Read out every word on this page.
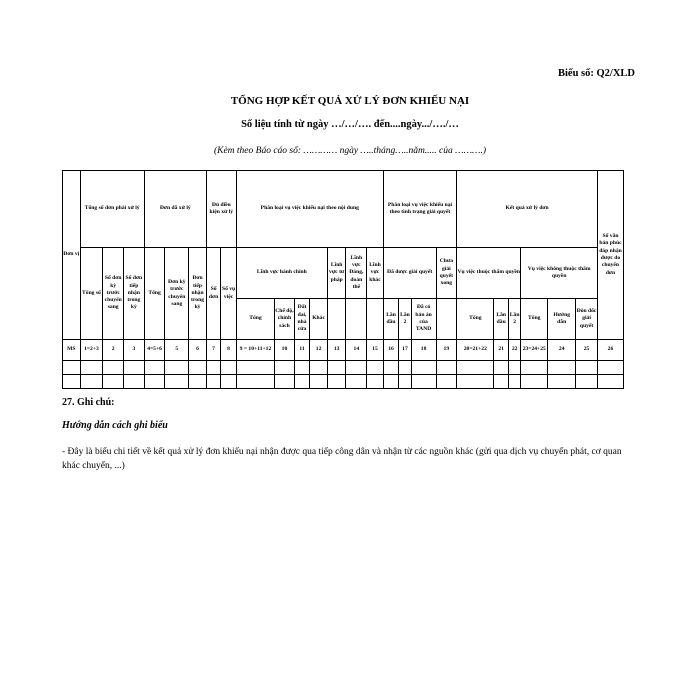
Biểu số: Q2/XLD
TỔNG HỢP KẾT QUẢ XỬ LÝ ĐƠN KHIẾU NẠI
Số liệu tính từ ngày …/…/…. đến....ngày.../…./…
(Kèm theo Báo cáo số: ………… ngày …..tháng…..năm..... của ……….)
Đơn vị	Tổng số đơn phải xử lý			Đơn đã xử lý			Đủ điều kiện xử lý		Phân loại vụ việc khiếu nại theo nội dung							Phân loại vụ việc khiếu nại theo tình trạng giải quyết				Kết quả xử lý đơn						Số văn bản phúc đáp nhận được do chuyển đơn
	Tổng số	Số đơn kỳ trước chuyển sang	Số đơn tiếp nhận trong kỳ	Tổng	Đơn kỳ trước chuyển sang	Đơn tiếp nhận trong kỳ	Số đơn	Số vụ việc	Lĩnh vực hành chính				Lĩnh vực tư pháp	Lĩnh vực Đảng, đoàn thể	Lĩnh vực khác	Đã được giải quyết			Chưa giải quyết xong	Vụ việc thuộc thẩm quyền			Vụ việc không thuộc thẩm quyền			
									Tổng	Chế độ, chính sách	Đất đai, nhà cửa	Khác				Lần đầu	Lần 2	Đã có bản án của TAND		Tổng	Lần đầu	Lần 2	Tổng	Hướng dẫn	Đôn đốc giải quyết	
MS	1=2+3	2	3	4=5+6	5	6	7	8	9 = 10+11+12	10	11	12	13	14	15	16	17	18	19	20=21+22	21	22	23=24+25	24	25	26

27. Ghi chú:
Hướng dẫn cách ghi biểu
- Đây là biểu chi tiết về kết quả xử lý đơn khiếu nại nhận được qua tiếp công dân và nhận từ các nguồn khác (gửi qua dịch vụ chuyển phát, cơ quan khác chuyển, ...)
